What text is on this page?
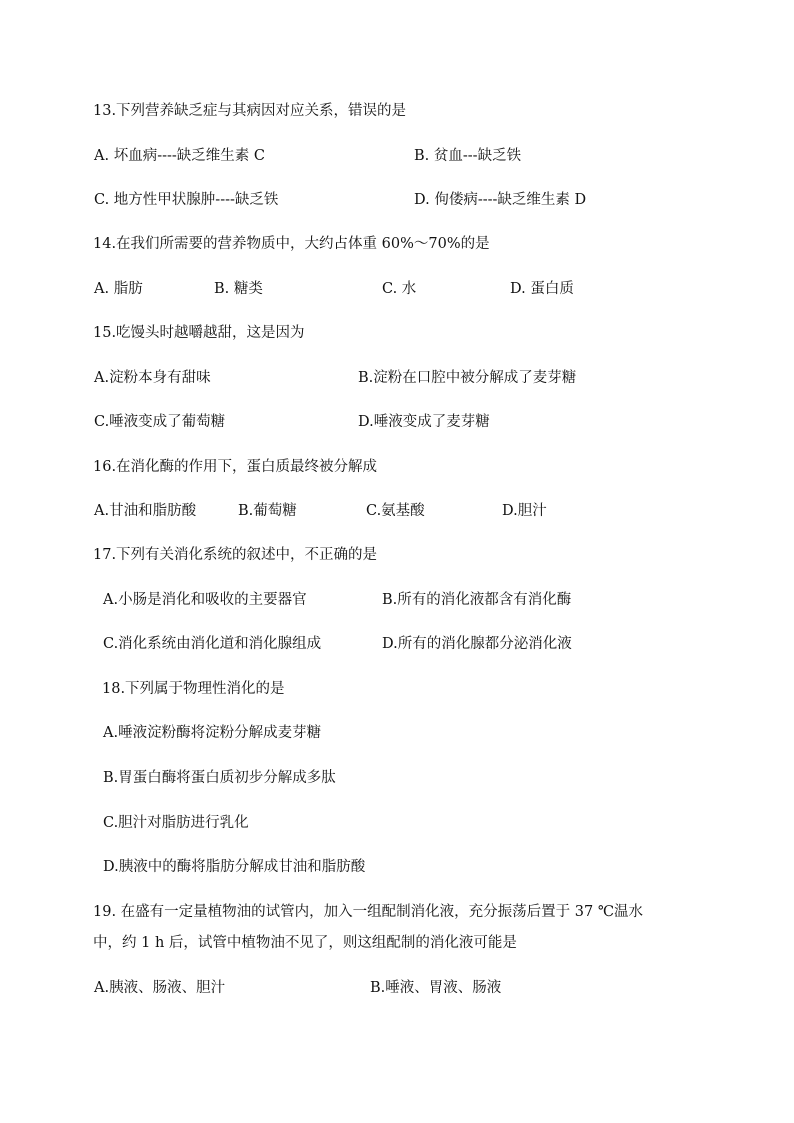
13.下列营养缺乏症与其病因对应关系，错误的是
A. 坏血病----缺乏维生素 C	B. 贫血---缺乏铁
C. 地方性甲状腺肿----缺乏铁	D. 佝偻病----缺乏维生素 D
14.在我们所需要的营养物质中，大约占体重 60%～70%的是
A. 脂肪	B. 糖类	C. 水	D. 蛋白质
15.吃馒头时越嚼越甜，这是因为
A.淀粉本身有甜味	B.淀粉在口腔中被分解成了麦芽糖
C.唾液变成了葡萄糖	D.唾液变成了麦芽糖
16.在消化酶的作用下，蛋白质最终被分解成
A.甘油和脂肪酸	B.葡萄糖	C.氨基酸	D.胆汁
17.下列有关消化系统的叙述中，不正确的是
A.小肠是消化和吸收的主要器官	B.所有的消化液都含有消化酶
C.消化系统由消化道和消化腺组成	D.所有的消化腺都分泌消化液
18.下列属于物理性消化的是
A.唾液淀粉酶将淀粉分解成麦芽糖
B.胃蛋白酶将蛋白质初步分解成多肽
C.胆汁对脂肪进行乳化
D.胰液中的酶将脂肪分解成甘油和脂肪酸
19. 在盛有一定量植物油的试管内，加入一组配制消化液，充分振荡后置于 37 ℃温水
中，约 1 h 后，试管中植物油不见了，则这组配制的消化液可能是
A.胰液、肠液、胆汁	B.唾液、胃液、肠液
